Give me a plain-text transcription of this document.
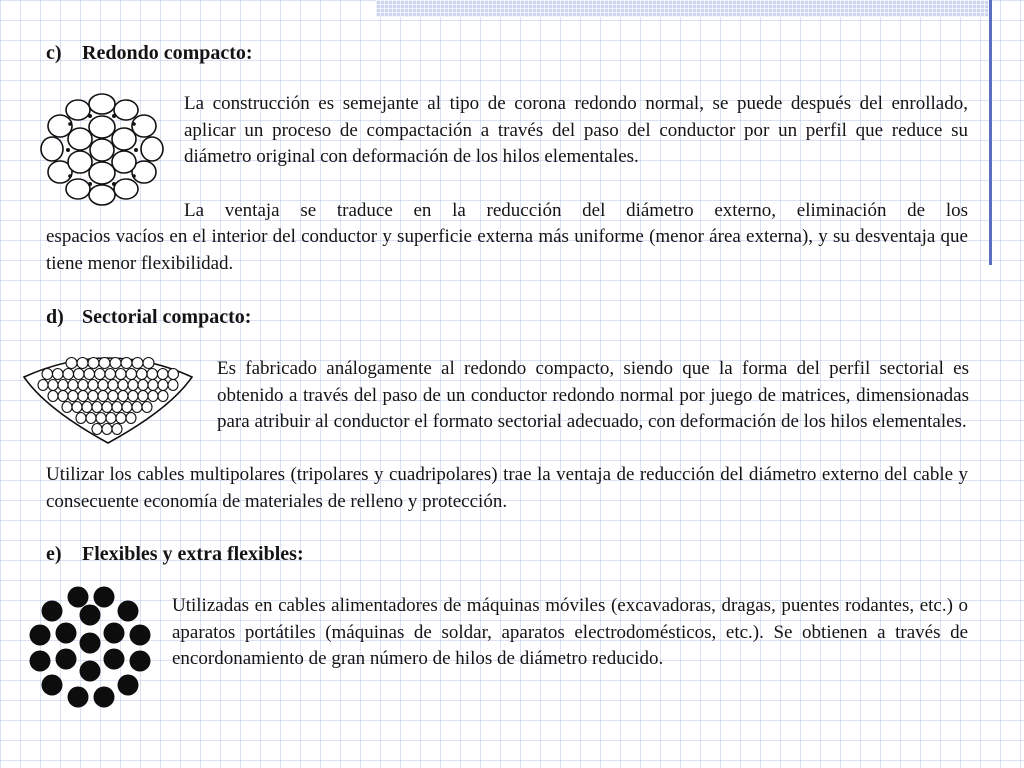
​
c) Redondo compacto:

La construcción es semejante al tipo de corona redondo normal, se puede después del enrollado, aplicar un proceso de compactación a través del paso del conductor por un perfil que reduce su diámetro original con deformación de los hilos elementales.

La ventaja se traduce en la reducción del diámetro externo, eliminación de los

espacios vacíos en el interior del conductor y superficie externa más uniforme (menor área externa), y su desventaja que tiene menor flexibilidad.

d) Sectorial compacto:

Es fabricado análogamente al redondo compacto, siendo que la forma del perfil sectorial es obtenido a través del paso de un conductor redondo normal por juego de matrices, dimensionadas para atribuir al conductor el formato sectorial adecuado, con deformación de los hilos elementales.

Utilizar los cables multipolares (tripolares y cuadripolares) trae la ventaja de reducción del diámetro externo del cable y consecuente economía de materiales de relleno y protección.

e) Flexibles y extra flexibles:

Utilizadas en cables alimentadores de máquinas móviles (excavadoras, dragas, puentes rodantes, etc.) o aparatos portátiles (máquinas de soldar, aparatos electrodomésticos, etc.). Se obtienen a través de encordonamiento de gran número de hilos de diámetro reducido.
